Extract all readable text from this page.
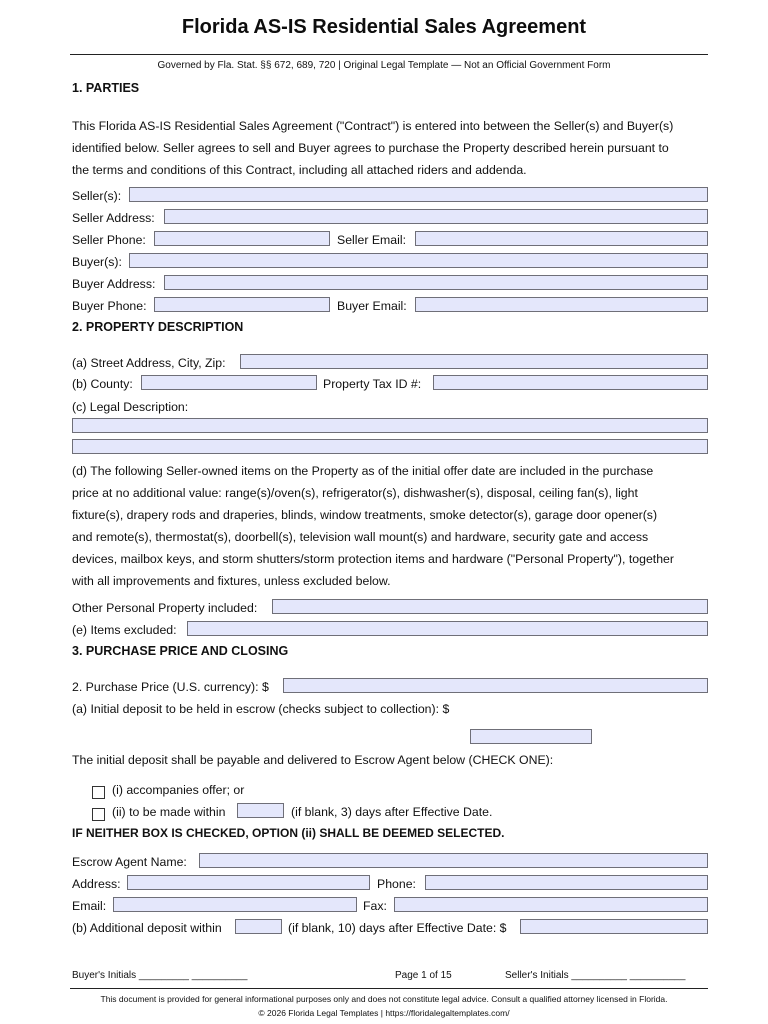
Florida AS-IS Residential Sales Agreement
Governed by Fla. Stat. §§ 672, 689, 720 | Original Legal Template — Not an Official Government Form
1. PARTIES
This Florida AS-IS Residential Sales Agreement ("Contract") is entered into between the Seller(s) and Buyer(s)
identified below. Seller agrees to sell and Buyer agrees to purchase the Property described herein pursuant to
the terms and conditions of this Contract, including all attached riders and addenda.
Seller(s):
Seller Address:
Seller Phone:	Seller Email:
Buyer(s):
Buyer Address:
Buyer Phone:	Buyer Email:
2. PROPERTY DESCRIPTION
(a) Street Address, City, Zip:
(b) County:	Property Tax ID #:
(c) Legal Description:
(d) The following Seller-owned items on the Property as of the initial offer date are included in the purchase
price at no additional value: range(s)/oven(s), refrigerator(s), dishwasher(s), disposal, ceiling fan(s), light
fixture(s), drapery rods and draperies, blinds, window treatments, smoke detector(s), garage door opener(s)
and remote(s), thermostat(s), doorbell(s), television wall mount(s) and hardware, security gate and access
devices, mailbox keys, and storm shutters/storm protection items and hardware ("Personal Property"), together
with all improvements and fixtures, unless excluded below.
Other Personal Property included:
(e) Items excluded:
3. PURCHASE PRICE AND CLOSING
2. Purchase Price (U.S. currency): $
(a) Initial deposit to be held in escrow (checks subject to collection): $
The initial deposit shall be payable and delivered to Escrow Agent below (CHECK ONE):
(i) accompanies offer; or
(ii) to be made within	(if blank, 3) days after Effective Date.
IF NEITHER BOX IS CHECKED, OPTION (ii) SHALL BE DEEMED SELECTED.
Escrow Agent Name:
Address:	Phone:
Email:	Fax:
(b) Additional deposit within	(if blank, 10) days after Effective Date: $
Buyer's Initials _________ __________	Page 1 of 15	Seller's Initials __________ __________
This document is provided for general informational purposes only and does not constitute legal advice. Consult a qualified attorney licensed in Florida.
© 2026 Florida Legal Templates | https://floridalegaltemplates.com/
